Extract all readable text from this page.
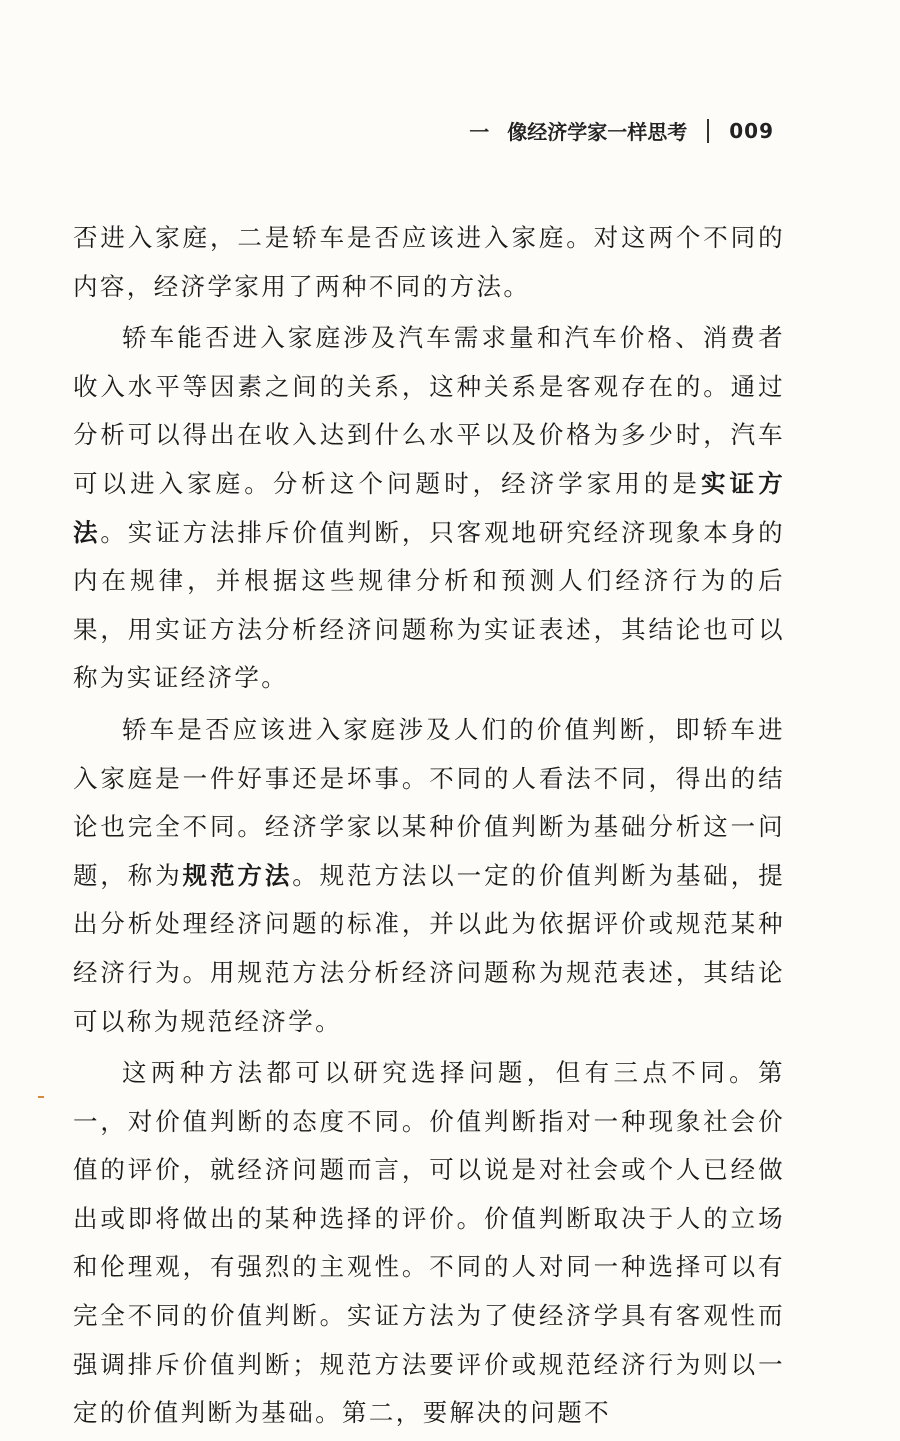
一 像经济学家一样思考 009

否进入家庭，二是轿车是否应该进入家庭。对这两个不同的内容，经济学家用了两种不同的方法。

轿车能否进入家庭涉及汽车需求量和汽车价格、消费者收入水平等因素之间的关系，这种关系是客观存在的。通过分析可以得出在收入达到什么水平以及价格为多少时，汽车可以进入家庭。分析这个问题时，经济学家用的是实证方法。实证方法排斥价值判断，只客观地研究经济现象本身的内在规律，并根据这些规律分析和预测人们经济行为的后果，用实证方法分析经济问题称为实证表述，其结论也可以称为实证经济学。

轿车是否应该进入家庭涉及人们的价值判断，即轿车进入家庭是一件好事还是坏事。不同的人看法不同，得出的结论也完全不同。经济学家以某种价值判断为基础分析这一问题，称为规范方法。规范方法以一定的价值判断为基础，提出分析处理经济问题的标准，并以此为依据评价或规范某种经济行为。用规范方法分析经济问题称为规范表述，其结论可以称为规范经济学。

这两种方法都可以研究选择问题，但有三点不同。第一，对价值判断的态度不同。价值判断指对一种现象社会价值的评价，就经济问题而言，可以说是对社会或个人已经做出或即将做出的某种选择的评价。价值判断取决于人的立场和伦理观，有强烈的主观性。不同的人对同一种选择可以有完全不同的价值判断。实证方法为了使经济学具有客观性而强调排斥价值判断；规范方法要评价或规范经济行为则以一定的价值判断为基础。第二，要解决的问题不
